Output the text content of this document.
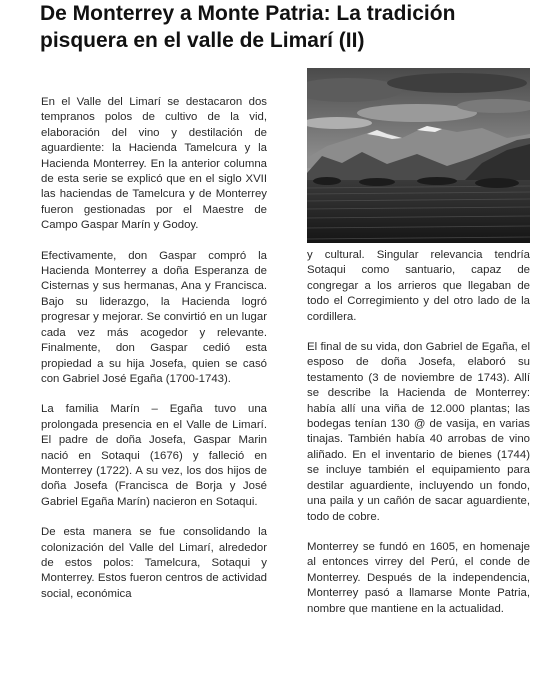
De Monterrey a Monte Patria: La tradición pisquera en el valle de Limarí (II)

En el Valle del Limarí se destacaron dos tempranos polos de cultivo de la vid, elaboración del vino y destilación de aguardiente: la Hacienda Tamelcura y la Hacienda Monterrey. En la anterior columna de esta serie se explicó que en el siglo XVII las haciendas de Tamelcura y de Monterrey fueron gestionadas por el Maestre de Campo Gaspar Marín y Godoy.

Efectivamente, don Gaspar compró la Hacienda Monterrey a doña Esperanza de Cisternas y sus hermanas, Ana y Francisca. Bajo su liderazgo, la Hacienda logró progresar y mejorar. Se convirtió en un lugar cada vez más acogedor y relevante. Finalmente, don Gaspar cedió esta propiedad a su hija Josefa, quien se casó con Gabriel José Egaña (1700-1743).

La familia Marín – Egaña tuvo una prolongada presencia en el Valle de Limarí. El padre de doña Josefa, Gaspar Marin nació en Sotaqui (1676) y falleció en Monterrey (1722). A su vez, los dos hijos de doña Josefa (Francisca de Borja y José Gabriel Egaña Marín) nacieron en Sotaqui.

De esta manera se fue consolidando la colonización del Valle del Limarí, alrededor de estos polos: Tamelcura, Sotaqui y Monterrey. Estos fueron centros de actividad social, económica

y cultural. Singular relevancia tendría Sotaqui como santuario, capaz de congregar a los arrieros que llegaban de todo el Corregimiento y del otro lado de la cordillera.

El final de su vida, don Gabriel de Egaña, el esposo de doña Josefa, elaboró su testamento (3 de noviembre de 1743). Allí se describe la Hacienda de Monterrey: había allí una viña de 12.000 plantas; las bodegas tenían 130 @ de vasija, en varias tinajas. También había 40 arrobas de vino aliñado. En el inventario de bienes (1744) se incluye también el equipamiento para destilar aguardiente, incluyendo un fondo, una paila y un cañón de sacar aguardiente, todo de cobre.

Monterrey se fundó en 1605, en homenaje al entonces virrey del Perú, el conde de Monterrey. Después de la independencia, Monterrey pasó a llamarse Monte Patria, nombre que mantiene en la actualidad.
